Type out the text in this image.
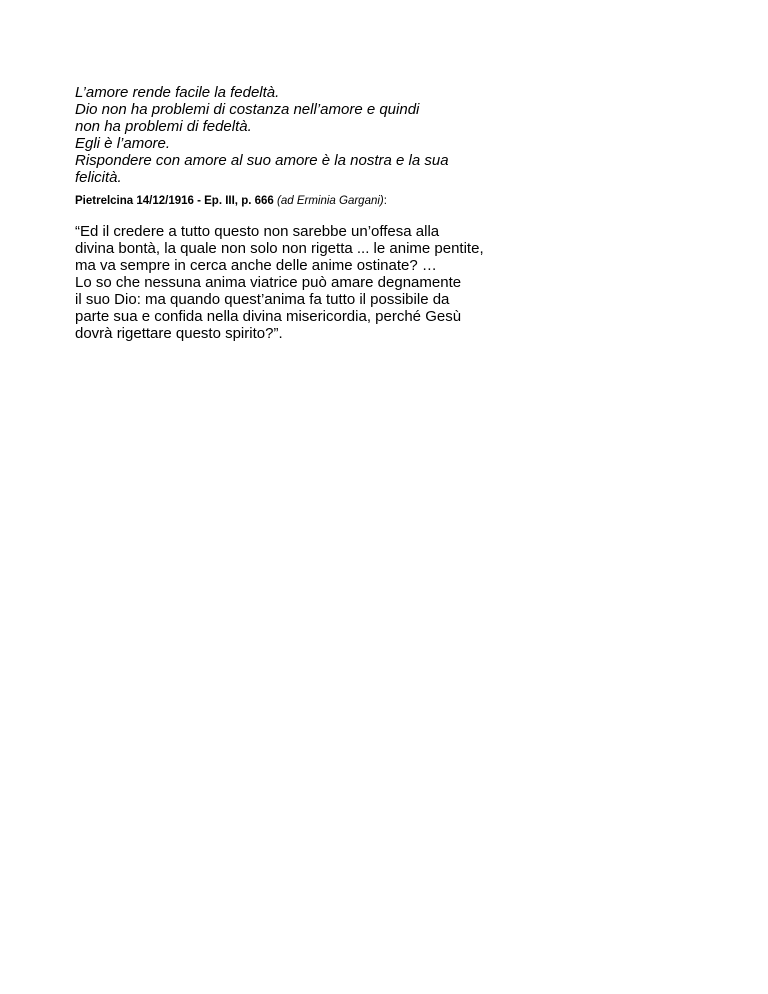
L’amore rende facile la fedeltà.
Dio non ha problemi di costanza nell’amore e quindi
non ha problemi di fedeltà.
Egli è l’amore.
Rispondere con amore al suo amore è la nostra e la sua
felicità.
Pietrelcina 14/12/1916 - Ep. III, p. 666 (ad Erminia Gargani):
“Ed il credere a tutto questo non sarebbe un’offesa alla
divina bontà, la quale non solo non rigetta ... le anime pentite,
ma va sempre in cerca anche delle anime ostinate? …
Lo so che nessuna anima viatrice può amare degnamente
il suo Dio: ma quando quest’anima fa tutto il possibile da
parte sua e confida nella divina misericordia, perché Gesù
dovrà rigettare questo spirito?”.
